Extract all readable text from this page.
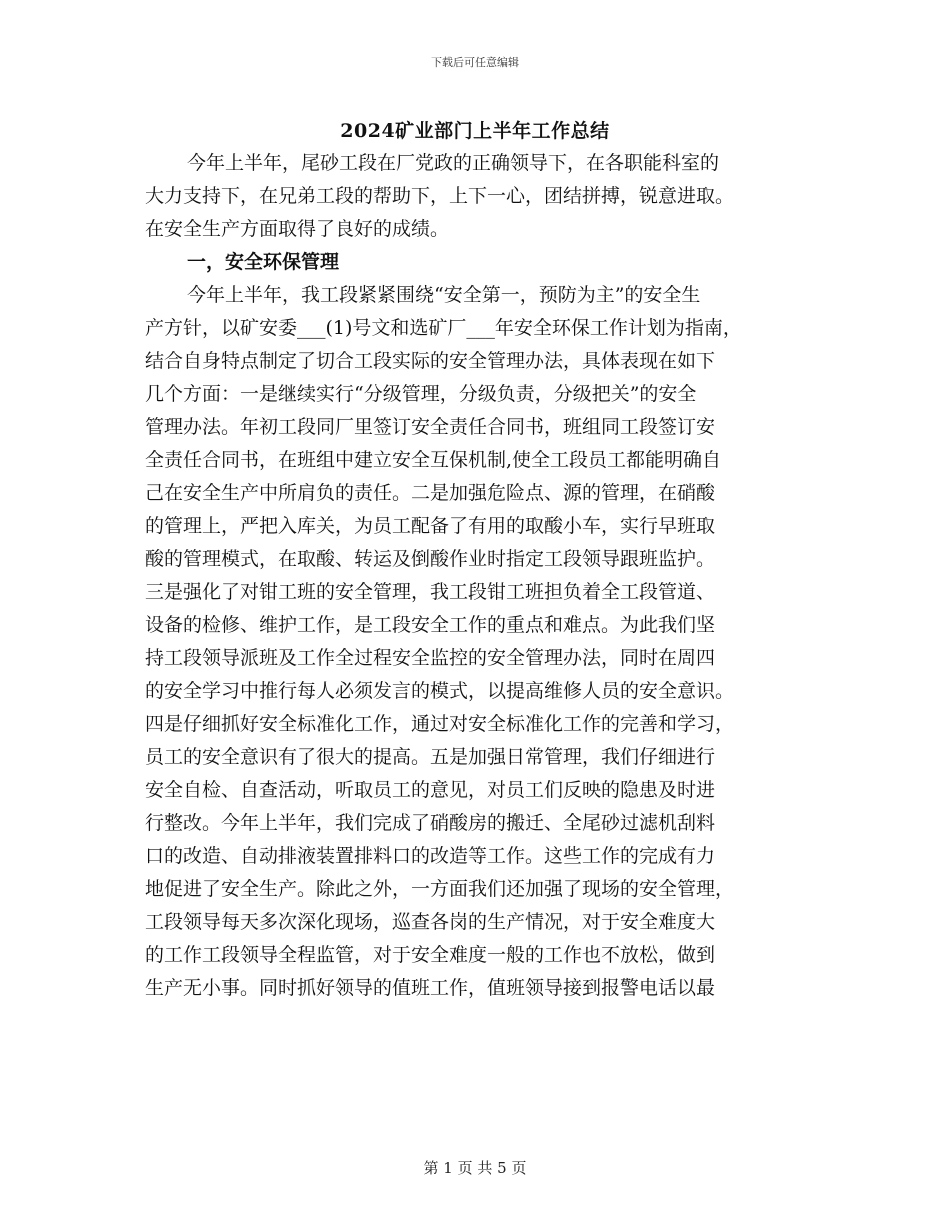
下载后可任意编辑
2024矿业部门上半年工作总结
今年上半年，尾砂工段在厂党政的正确领导下，在各职能科室的
大力支持下，在兄弟工段的帮助下，上下一心，团结拼搏，锐意进取。
在安全生产方面取得了良好的成绩。
一，安全环保管理
今年上半年，我工段紧紧围绕“安全第一，预防为主”的安全生
产方针，以矿安委___(1)号文和选矿厂___年安全环保工作计划为指南，
结合自身特点制定了切合工段实际的安全管理办法，具体表现在如下
几个方面：一是继续实行“分级管理，分级负责，分级把关”的安全
管理办法。年初工段同厂里签订安全责任合同书，班组同工段签订安
全责任合同书，在班组中建立安全互保机制,使全工段员工都能明确自
己在安全生产中所肩负的责任。二是加强危险点、源的管理，在硝酸
的管理上，严把入库关，为员工配备了有用的取酸小车，实行早班取
酸的管理模式，在取酸、转运及倒酸作业时指定工段领导跟班监护。
三是强化了对钳工班的安全管理，我工段钳工班担负着全工段管道、
设备的检修、维护工作，是工段安全工作的重点和难点。为此我们坚
持工段领导派班及工作全过程安全监控的安全管理办法，同时在周四
的安全学习中推行每人必须发言的模式，以提高维修人员的安全意识。
四是仔细抓好安全标准化工作，通过对安全标准化工作的完善和学习，
员工的安全意识有了很大的提高。五是加强日常管理，我们仔细进行
安全自检、自查活动，听取员工的意见，对员工们反映的隐患及时进
行整改。今年上半年，我们完成了硝酸房的搬迁、全尾砂过滤机刮料
口的改造、自动排液装置排料口的改造等工作。这些工作的完成有力
地促进了安全生产。除此之外，一方面我们还加强了现场的安全管理，
工段领导每天多次深化现场，巡查各岗的生产情况，对于安全难度大
的工作工段领导全程监管，对于安全难度一般的工作也不放松，做到
生产无小事。同时抓好领导的值班工作，值班领导接到报警电话以最
第 1 页 共 5 页
